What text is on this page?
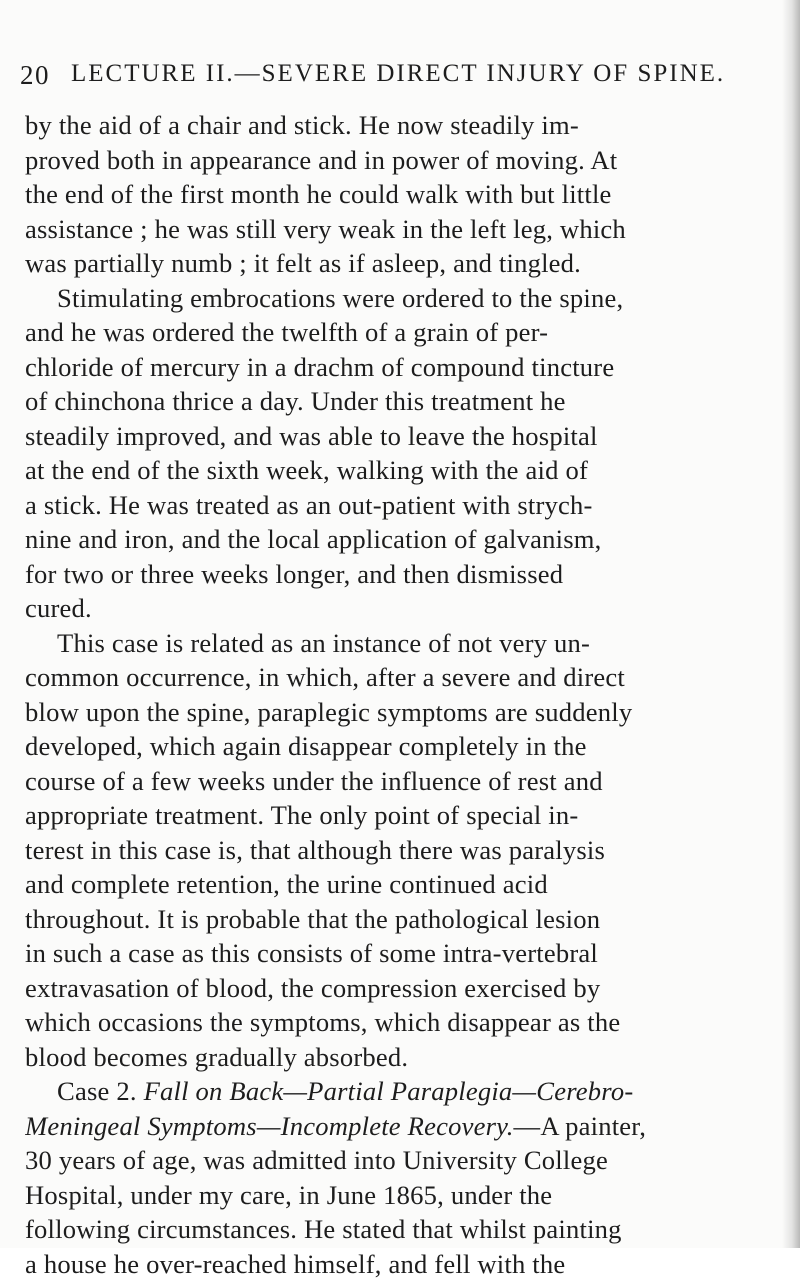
20 LECTURE II.—SEVERE DIRECT INJURY OF SPINE.
by the aid of a chair and stick. He now steadily im-
proved both in appearance and in power of moving. At
the end of the first month he could walk with but little
assistance ; he was still very weak in the left leg, which
was partially numb ; it felt as if asleep, and tingled.
Stimulating embrocations were ordered to the spine,
and he was ordered the twelfth of a grain of per-
chloride of mercury in a drachm of compound tincture
of chinchona thrice a day. Under this treatment he
steadily improved, and was able to leave the hospital
at the end of the sixth week, walking with the aid of
a stick. He was treated as an out-patient with strych-
nine and iron, and the local application of galvanism,
for two or three weeks longer, and then dismissed
cured.
This case is related as an instance of not very un-
common occurrence, in which, after a severe and direct
blow upon the spine, paraplegic symptoms are suddenly
developed, which again disappear completely in the
course of a few weeks under the influence of rest and
appropriate treatment. The only point of special in-
terest in this case is, that although there was paralysis
and complete retention, the urine continued acid
throughout. It is probable that the pathological lesion
in such a case as this consists of some intra-vertebral
extravasation of blood, the compression exercised by
which occasions the symptoms, which disappear as the
blood becomes gradually absorbed.
Case 2. Fall on Back—Partial Paraplegia—Cerebro-
Meningeal Symptoms—Incomplete Recovery.—A painter,
30 years of age, was admitted into University College
Hospital, under my care, in June 1865, under the
following circumstances. He stated that whilst painting
a house he over-reached himself, and fell with the
